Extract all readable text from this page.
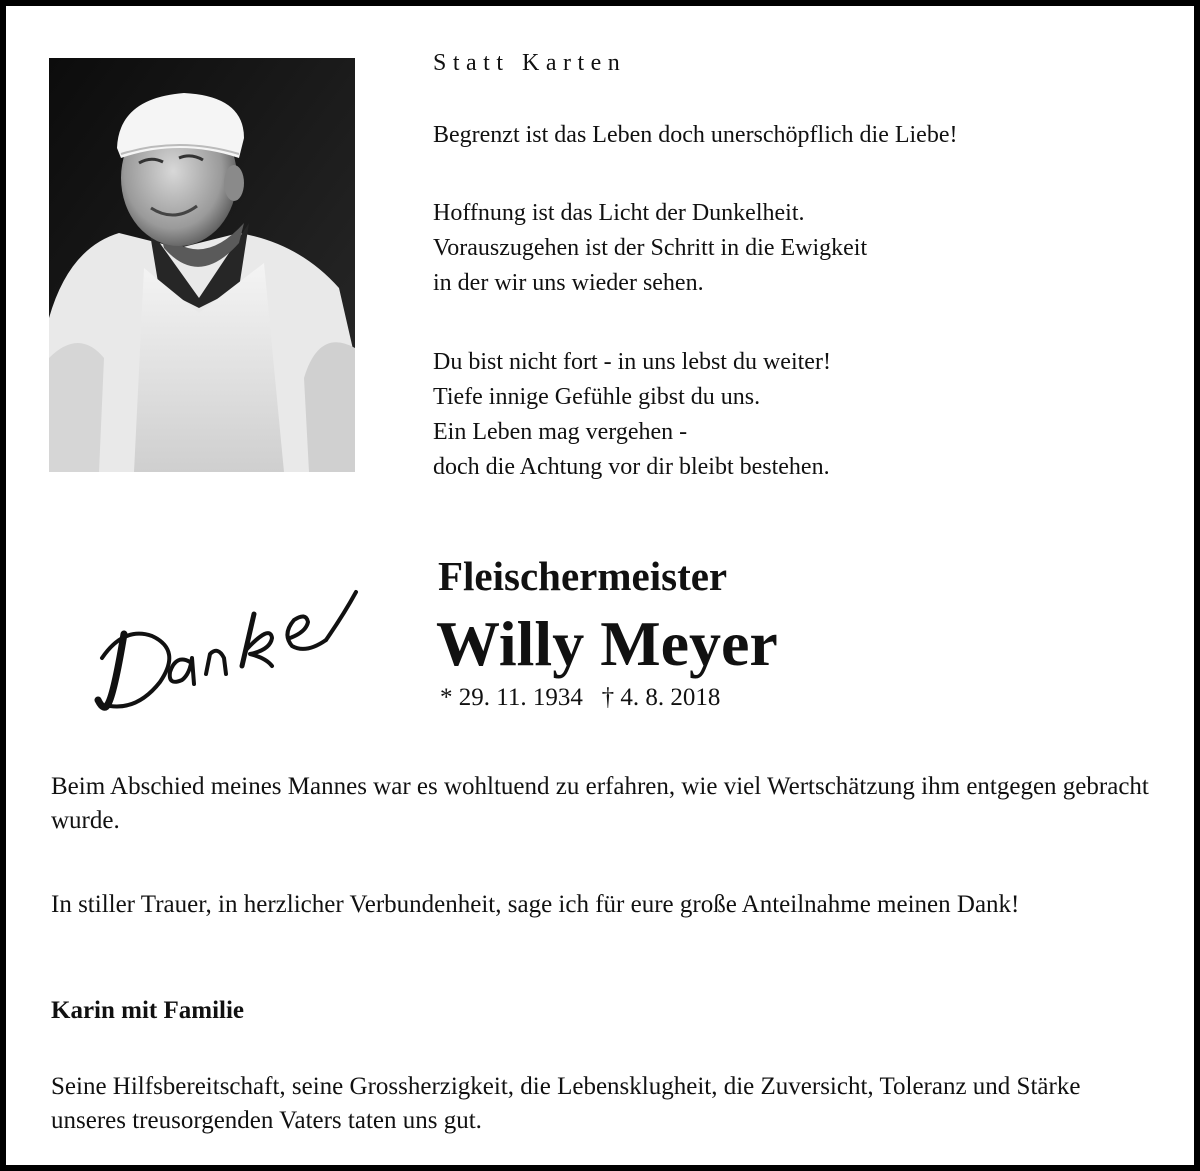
Statt Karten

Begrenzt ist das Leben doch unerschöpflich die Liebe!

Hoffnung ist das Licht der Dunkelheit.
Vorauszugehen ist der Schritt in die Ewigkeit
in der wir uns wieder sehen.

Du bist nicht fort - in uns lebst du weiter!
Tiefe innige Gefühle gibst du uns.
Ein Leben mag vergehen -
doch die Achtung vor dir bleibt bestehen.

Fleischermeister

Willy Meyer

* 29. 11. 1934   † 4. 8. 2018

Beim Abschied meines Mannes war es wohltuend zu erfahren, wie viel Wertschätzung ihm entgegen gebracht wurde.

In stiller Trauer, in herzlicher Verbundenheit, sage ich für eure große Anteilnahme meinen Dank!

Karin mit Familie

Seine Hilfsbereitschaft, seine Grossherzigkeit, die Lebensklugheit, die Zuversicht, Toleranz und Stärke unseres treusorgenden Vaters taten uns gut.
